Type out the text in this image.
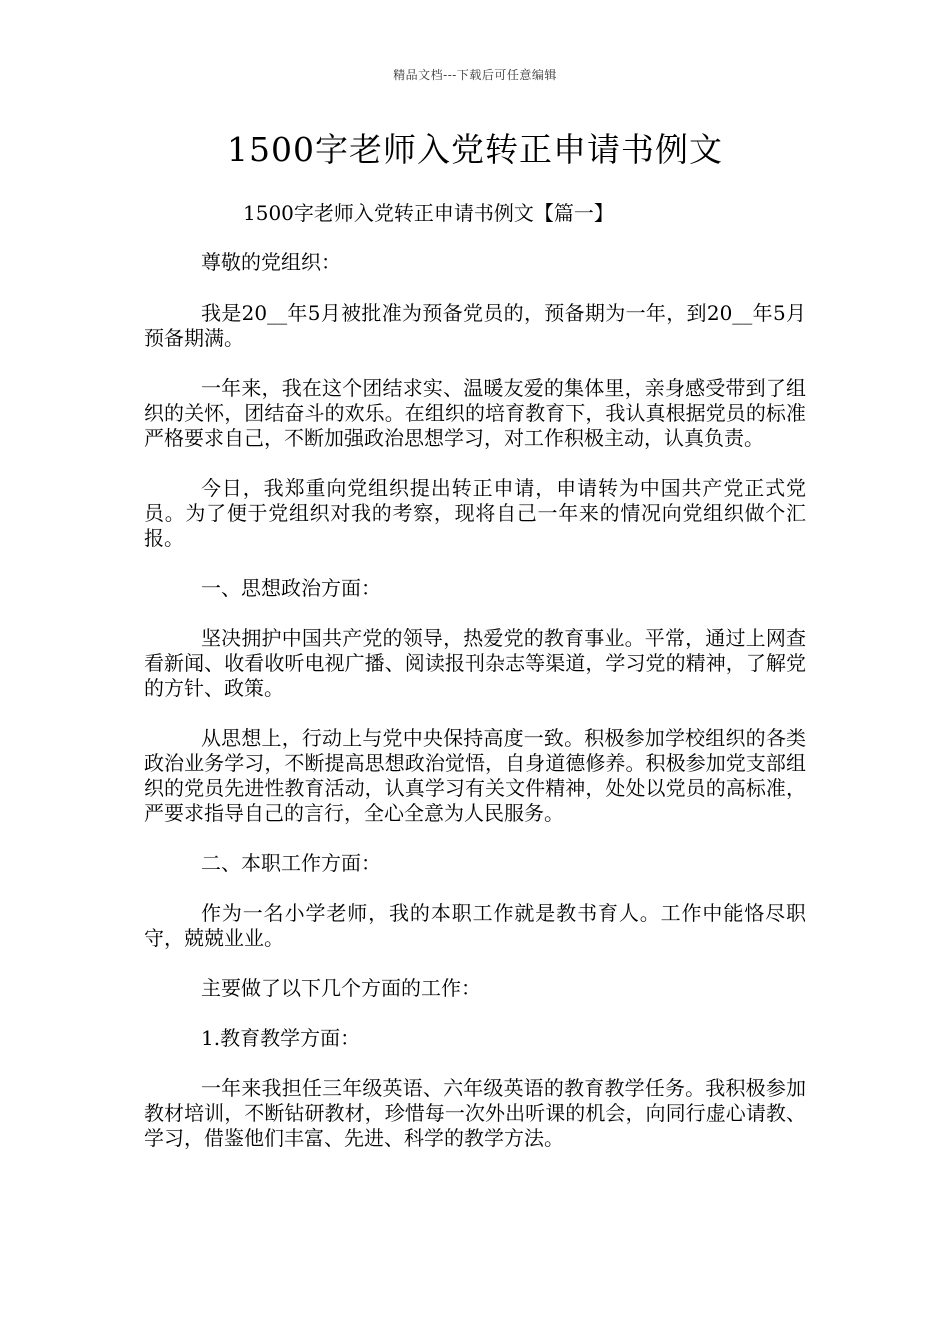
精品文档---下载后可任意编辑
1500字老师入党转正申请书例文
1500字老师入党转正申请书例文【篇一】

尊敬的党组织：

我是20__年5月被批准为预备党员的，预备期为一年，到20__年5月预备期满。

一年来，我在这个团结求实、温暖友爱的集体里，亲身感受带到了组织的关怀，团结奋斗的欢乐。在组织的培育教育下，我认真根据党员的标准严格要求自己，不断加强政治思想学习，对工作积极主动，认真负责。

今日，我郑重向党组织提出转正申请，申请转为中国共产党正式党员。为了便于党组织对我的考察，现将自己一年来的情况向党组织做个汇报。

一、思想政治方面：

坚决拥护中国共产党的领导，热爱党的教育事业。平常，通过上网查看新闻、收看收听电视广播、阅读报刊杂志等渠道，学习党的精神，了解党的方针、政策。

从思想上，行动上与党中央保持高度一致。积极参加学校组织的各类政治业务学习，不断提高思想政治觉悟，自身道德修养。积极参加党支部组织的党员先进性教育活动，认真学习有关文件精神，处处以党员的高标准，严要求指导自己的言行，全心全意为人民服务。

二、本职工作方面：

作为一名小学老师，我的本职工作就是教书育人。工作中能恪尽职守，兢兢业业。

主要做了以下几个方面的工作：

1.教育教学方面：

一年来我担任三年级英语、六年级英语的教育教学任务。我积极参加教材培训，不断钻研教材，珍惜每一次外出听课的机会，向同行虚心请教、学习，借鉴他们丰富、先进、科学的教学方法。
